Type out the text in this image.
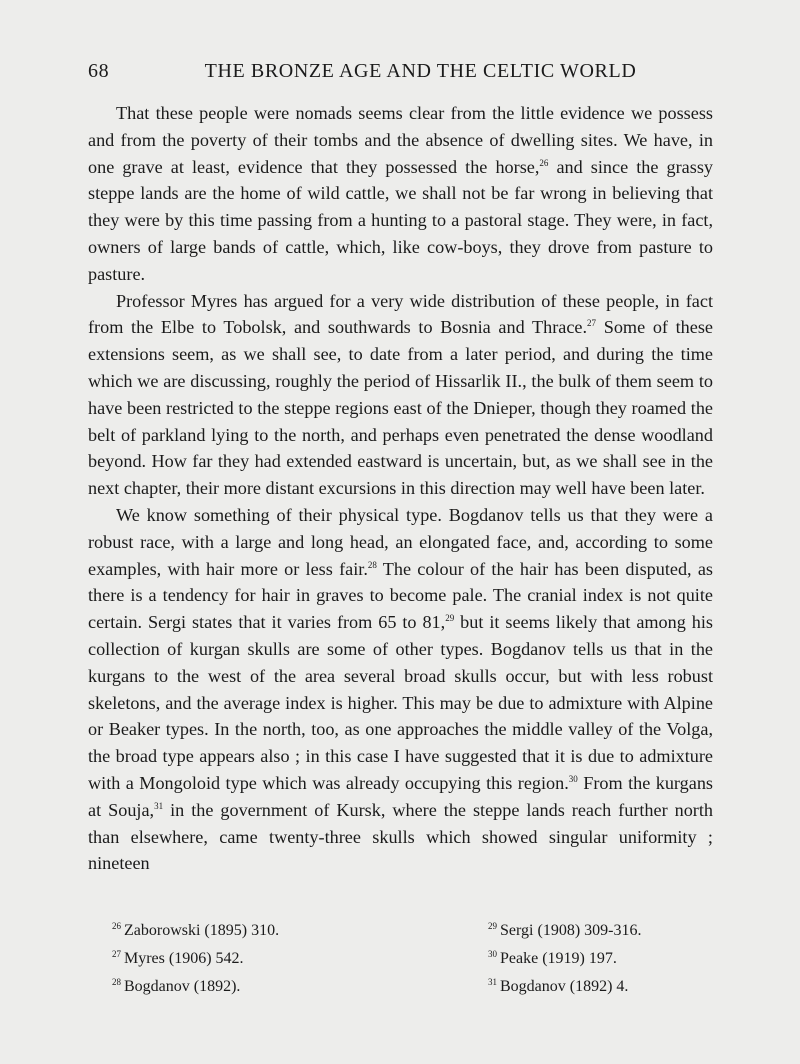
68	THE BRONZE AGE AND THE CELTIC WORLD

That these people were nomads seems clear from the little evidence we possess and from the poverty of their tombs and the absence of dwelling sites. We have, in one grave at least, evidence that they possessed the horse,$^{26}$ and since the grassy steppe lands are the home of wild cattle, we shall not be far wrong in believing that they were by this time passing from a hunting to a pastoral stage. They were, in fact, owners of large bands of cattle, which, like cow-boys, they drove from pasture to pasture.

Professor Myres has argued for a very wide distribution of these people, in fact from the Elbe to Tobolsk, and southwards to Bosnia and Thrace.$^{27}$ Some of these extensions seem, as we shall see, to date from a later period, and during the time which we are discussing, roughly the period of Hissarlik II., the bulk of them seem to have been restricted to the steppe regions east of the Dnieper, though they roamed the belt of parkland lying to the north, and perhaps even penetrated the dense woodland beyond. How far they had extended eastward is uncertain, but, as we shall see in the next chapter, their more distant excursions in this direction may well have been later.

We know something of their physical type. Bogdanov tells us that they were a robust race, with a large and long head, an elongated face, and, according to some examples, with hair more or less fair.$^{28}$ The colour of the hair has been disputed, as there is a tendency for hair in graves to become pale. The cranial index is not quite certain. Sergi states that it varies from 65 to 81,29 but it seems likely that among his collection of kurgan skulls are some of other types. Bogdanov tells us that in the kurgans to the west of the area several broad skulls occur, but with less robust skeletons, and the average index is higher. This may be due to admixture with Alpine or Beaker types. In the north, too, as one approaches the middle valley of the Volga, the broad type appears also ; in this case I have suggested that it is due to admixture with a Mongoloid type which was already occupying this region.$^{30}$ From the kurgans at Souja,$^{31}$ in the government of Kursk, where the steppe lands reach further north than elsewhere, came twenty-three skulls which showed singular uniformity ; nineteen

$^{26}$ Zaborowski (1895) 310.
$^{27}$ Myres (1906) 542.
$^{28}$ Bogdanov (1892).
$^{29}$ Sergi (1908) 309-316.
$^{30}$ Peake (1919) 197.
$^{31}$ Bogdanov (1892) 4.
